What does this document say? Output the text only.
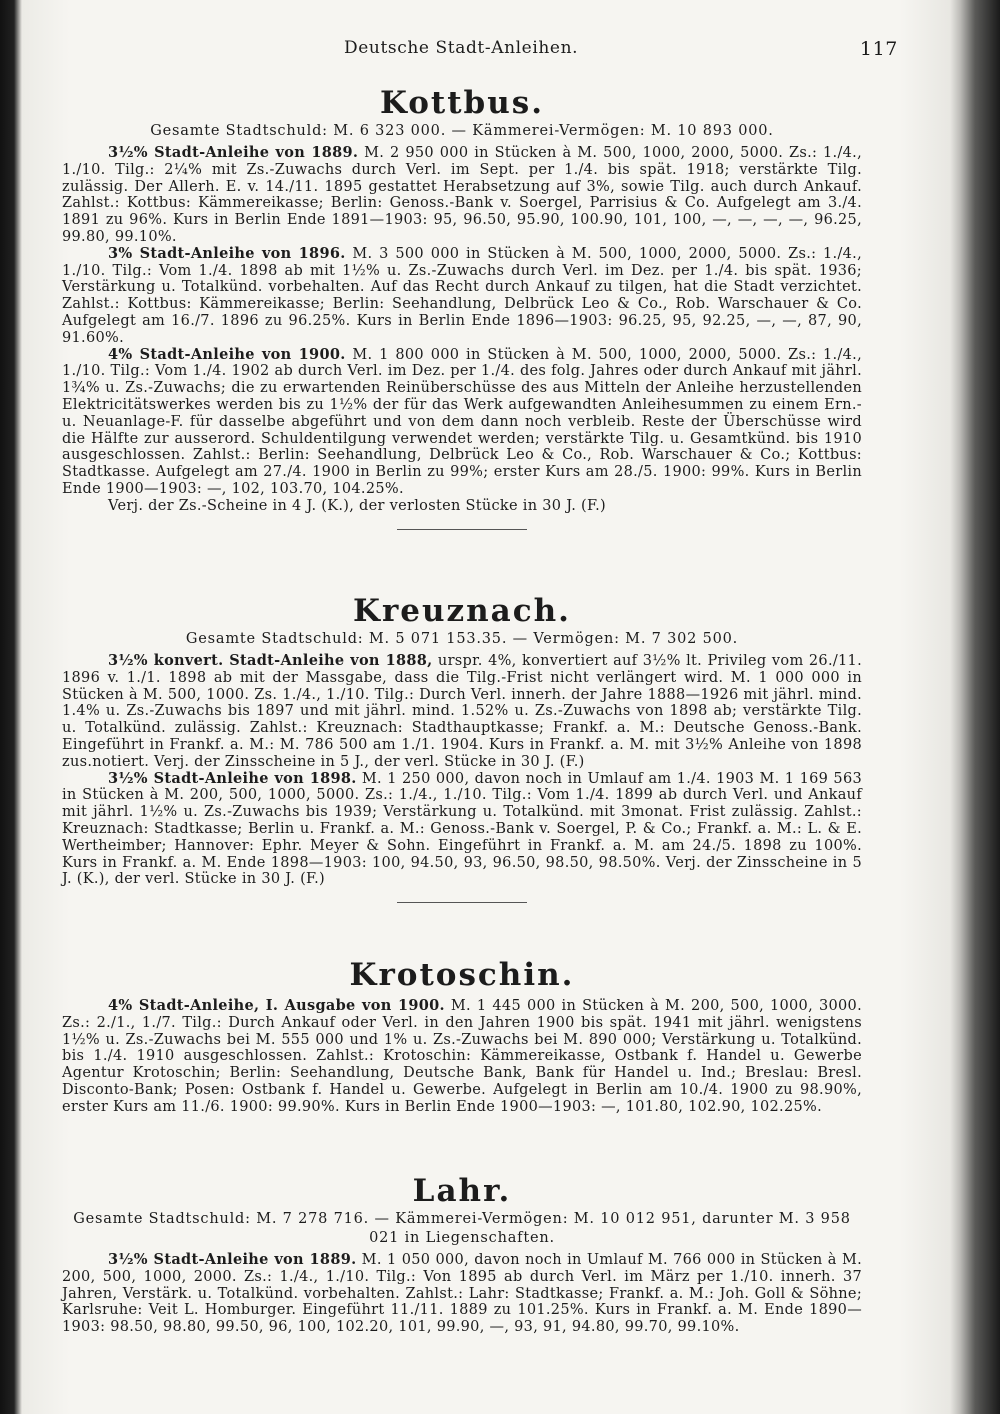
Deutsche Stadt-Anleihen.	117
Kottbus.

Gesamte Stadtschuld: M. 6 323 000. — Kämmerei-Vermögen: M. 10 893 000.

3½% Stadt-Anleihe von 1889. M. 2 950 000 in Stücken à M. 500, 1000, 2000, 5000. Zs.: 1./4., 1./10. Tilg.: 2¼% mit Zs.-Zuwachs durch Verl. im Sept. per 1./4. bis spät. 1918; verstärkte Tilg. zulässig. Der Allerh. E. v. 14./11. 1895 gestattet Herabsetzung auf 3%, sowie Tilg. auch durch Ankauf. Zahlst.: Kottbus: Kämmereikasse; Berlin: Genoss.-Bank v. Soergel, Parrisius & Co. Aufgelegt am 3./4. 1891 zu 96%. Kurs in Berlin Ende 1891—1903: 95, 96.50, 95.90, 100.90, 101, 100, —, —, —, —, 96.25, 99.80, 99.10%.

3% Stadt-Anleihe von 1896. M. 3 500 000 in Stücken à M. 500, 1000, 2000, 5000. Zs.: 1./4., 1./10. Tilg.: Vom 1./4. 1898 ab mit 1½% u. Zs.-Zuwachs durch Verl. im Dez. per 1./4. bis spät. 1936; Verstärkung u. Totalkünd. vorbehalten. Auf das Recht durch Ankauf zu tilgen, hat die Stadt verzichtet. Zahlst.: Kottbus: Kämmereikasse; Berlin: Seehandlung, Delbrück Leo & Co., Rob. Warschauer & Co. Aufgelegt am 16./7. 1896 zu 96.25%. Kurs in Berlin Ende 1896—1903: 96.25, 95, 92.25, —, —, 87, 90, 91.60%.

4% Stadt-Anleihe von 1900. M. 1 800 000 in Stücken à M. 500, 1000, 2000, 5000. Zs.: 1./4., 1./10. Tilg.: Vom 1./4. 1902 ab durch Verl. im Dez. per 1./4. des folg. Jahres oder durch Ankauf mit jährl. 1¾% u. Zs.-Zuwachs; die zu erwartenden Reinüberschüsse des aus Mitteln der Anleihe herzustellenden Elektricitätswerkes werden bis zu 1½% der für das Werk aufgewandten Anleihesummen zu einem Ern.- u. Neuanlage-F. für dasselbe abgeführt und von dem dann noch verbleib. Reste der Überschüsse wird die Hälfte zur ausserord. Schuldentilgung verwendet werden; verstärkte Tilg. u. Gesamtkünd. bis 1910 ausgeschlossen. Zahlst.: Berlin: Seehandlung, Delbrück Leo & Co., Rob. Warschauer & Co.; Kottbus: Stadtkasse. Aufgelegt am 27./4. 1900 in Berlin zu 99%; erster Kurs am 28./5. 1900: 99%. Kurs in Berlin Ende 1900—1903: —, 102, 103.70, 104.25%.

Verj. der Zs.-Scheine in 4 J. (K.), der verlosten Stücke in 30 J. (F.)

Kreuznach.

Gesamte Stadtschuld: M. 5 071 153.35. — Vermögen: M. 7 302 500.

3½% konvert. Stadt-Anleihe von 1888, urspr. 4%, konvertiert auf 3½% lt. Privileg vom 26./11. 1896 v. 1./1. 1898 ab mit der Massgabe, dass die Tilg.-Frist nicht verlängert wird. M. 1 000 000 in Stücken à M. 500, 1000. Zs. 1./4., 1./10. Tilg.: Durch Verl. innerh. der Jahre 1888—1926 mit jährl. mind. 1.4% u. Zs.-Zuwachs bis 1897 und mit jährl. mind. 1.52% u. Zs.-Zuwachs von 1898 ab; verstärkte Tilg. u. Totalkünd. zulässig. Zahlst.: Kreuznach: Stadthauptkasse; Frankf. a. M.: Deutsche Genoss.-Bank. Eingeführt in Frankf. a. M.: M. 786 500 am 1./1. 1904. Kurs in Frankf. a. M. mit 3½% Anleihe von 1898 zus.notiert. Verj. der Zinsscheine in 5 J., der verl. Stücke in 30 J. (F.)

3½% Stadt-Anleihe von 1898. M. 1 250 000, davon noch in Umlauf am 1./4. 1903 M. 1 169 563 in Stücken à M. 200, 500, 1000, 5000. Zs.: 1./4., 1./10. Tilg.: Vom 1./4. 1899 ab durch Verl. und Ankauf mit jährl. 1½% u. Zs.-Zuwachs bis 1939; Verstärkung u. Totalkünd. mit 3monat. Frist zulässig. Zahlst.: Kreuznach: Stadtkasse; Berlin u. Frankf. a. M.: Genoss.-Bank v. Soergel, P. & Co.; Frankf. a. M.: L. & E. Wertheimber; Hannover: Ephr. Meyer & Sohn. Eingeführt in Frankf. a. M. am 24./5. 1898 zu 100%. Kurs in Frankf. a. M. Ende 1898—1903: 100, 94.50, 93, 96.50, 98.50, 98.50%. Verj. der Zinsscheine in 5 J. (K.), der verl. Stücke in 30 J. (F.)

Krotoschin.

4% Stadt-Anleihe, I. Ausgabe von 1900. M. 1 445 000 in Stücken à M. 200, 500, 1000, 3000. Zs.: 2./1., 1./7. Tilg.: Durch Ankauf oder Verl. in den Jahren 1900 bis spät. 1941 mit jährl. wenigstens 1½% u. Zs.-Zuwachs bei M. 555 000 und 1% u. Zs.-Zuwachs bei M. 890 000; Verstärkung u. Totalkünd. bis 1./4. 1910 ausgeschlossen. Zahlst.: Krotoschin: Kämmereikasse, Ostbank f. Handel u. Gewerbe Agentur Krotoschin; Berlin: Seehandlung, Deutsche Bank, Bank für Handel u. Ind.; Breslau: Bresl. Disconto-Bank; Posen: Ostbank f. Handel u. Gewerbe. Aufgelegt in Berlin am 10./4. 1900 zu 98.90%, erster Kurs am 11./6. 1900: 99.90%. Kurs in Berlin Ende 1900—1903: —, 101.80, 102.90, 102.25%.

Lahr.

Gesamte Stadtschuld: M. 7 278 716. — Kämmerei-Vermögen: M. 10 012 951, darunter M. 3 958 021 in Liegenschaften.

3½% Stadt-Anleihe von 1889. M. 1 050 000, davon noch in Umlauf M. 766 000 in Stücken à M. 200, 500, 1000, 2000. Zs.: 1./4., 1./10. Tilg.: Von 1895 ab durch Verl. im März per 1./10. innerh. 37 Jahren, Verstärk. u. Totalkünd. vorbehalten. Zahlst.: Lahr: Stadtkasse; Frankf. a. M.: Joh. Goll & Söhne; Karlsruhe: Veit L. Homburger. Eingeführt 11./11. 1889 zu 101.25%. Kurs in Frankf. a. M. Ende 1890—1903: 98.50, 98.80, 99.50, 96, 100, 102.20, 101, 99.90, —, 93, 91, 94.80, 99.70, 99.10%.
